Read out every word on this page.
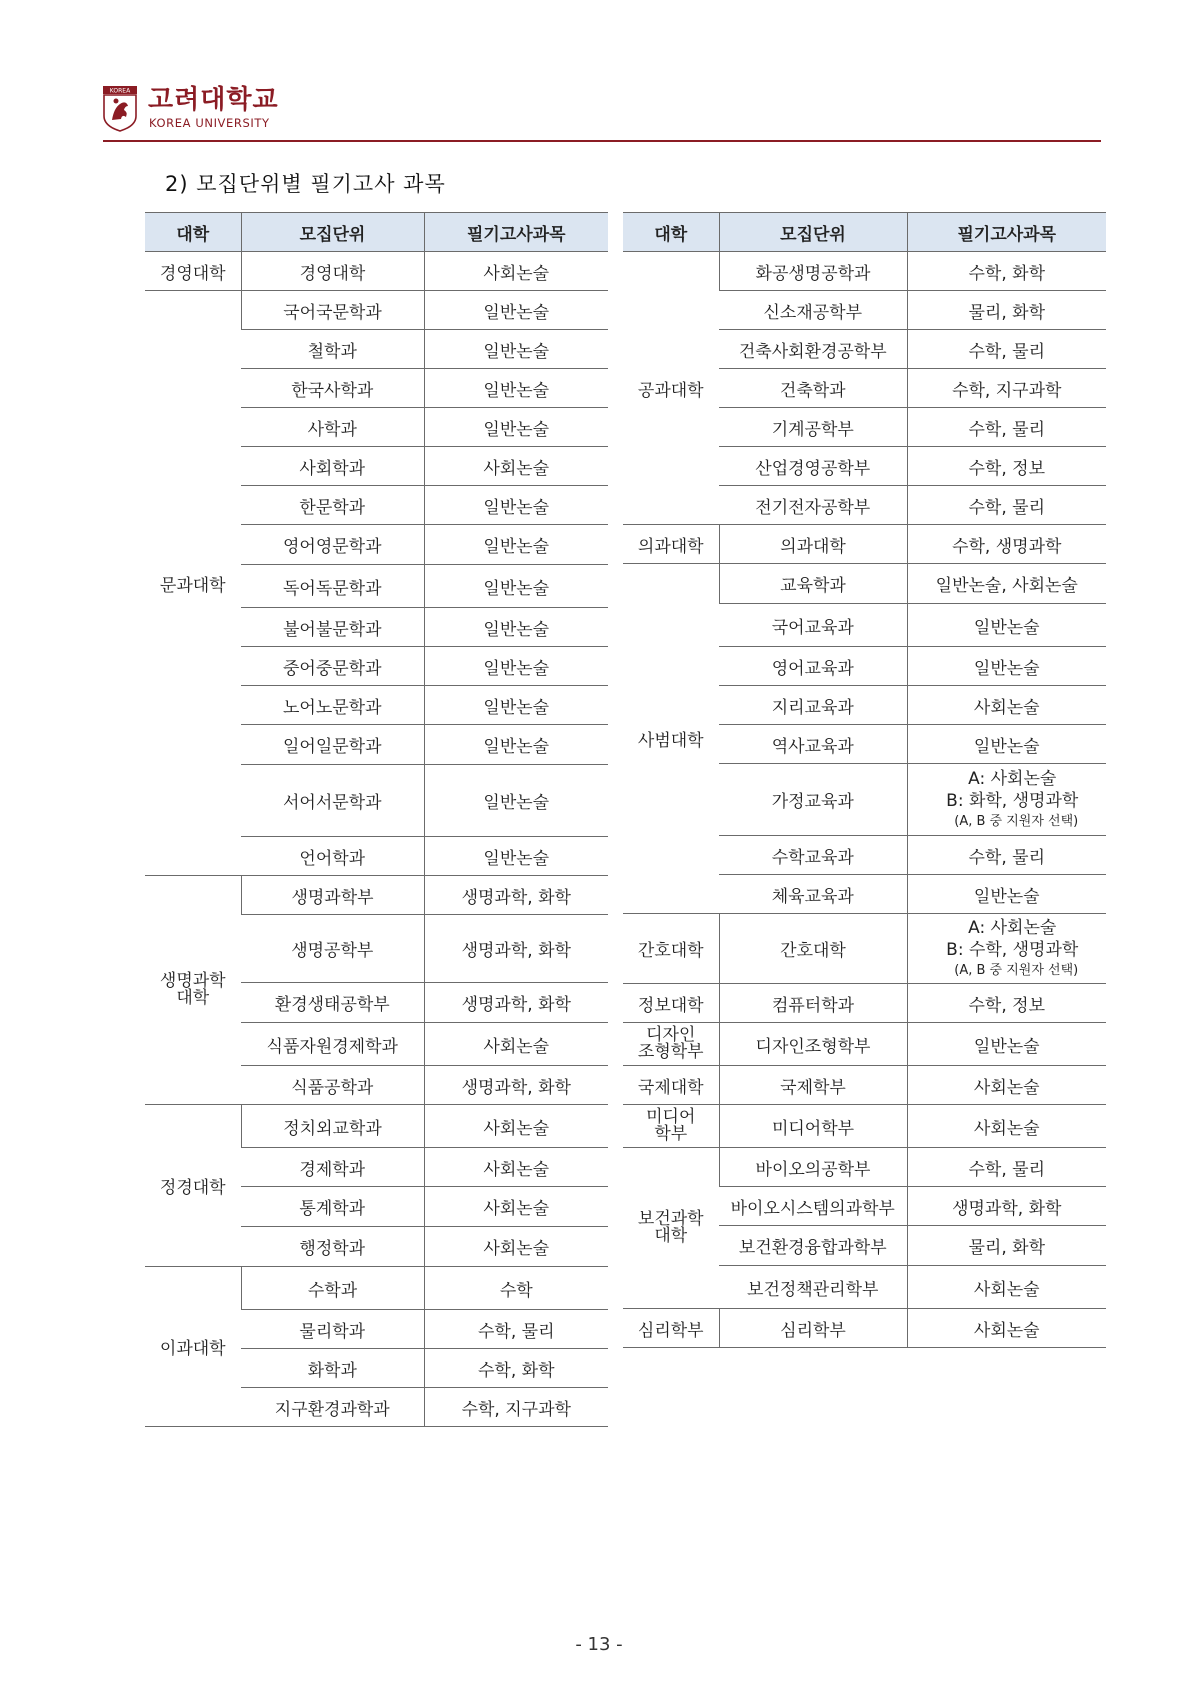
KOREA 고려대학교
KOREA UNIVERSITY
2) 모집단위별 필기고사 과목
대학	모집단위	필기고사과목

경영대학	경영대학	사회논술

문과대학	국어국문학과	일반논술
	철학과	일반논술
	한국사학과	일반논술
	사학과	일반논술
	사회학과	사회논술
	한문학과	일반논술
	영어영문학과	일반논술
	독어독문학과	일반논술
	불어불문학과	일반논술
	중어중문학과	일반논술
	노어노문학과	일반논술
	일어일문학과	일반논술
	서어서문학과	일반논술
	언어학과	일반논술

생명과학
대학	생명과학부	생명과학, 화학
	생명공학부	생명과학, 화학
	환경생태공학부	생명과학, 화학
	식품자원경제학과	사회논술
	식품공학과	생명과학, 화학

정경대학	정치외교학과	사회논술
	경제학과	사회논술
	통계학과	사회논술
	행정학과	사회논술

이과대학	수학과	수학
	물리학과	수학, 물리
	화학과	수학, 화학
	지구환경과학과	수학, 지구과학
대학	모집단위	필기고사과목

공과대학	화공생명공학과	수학, 화학
	신소재공학부	물리, 화학
	건축사회환경공학부	수학, 물리
	건축학과	수학, 지구과학
	기계공학부	수학, 물리
	산업경영공학부	수학, 정보
	전기전자공학부	수학, 물리

의과대학	의과대학	수학, 생명과학

사범대학	교육학과	일반논술, 사회논술
	국어교육과	일반논술
	영어교육과	일반논술
	지리교육과	사회논술
	역사교육과	일반논술
	가정교육과	A: 사회논술
B: 화학, 생명과학
(A, B 중 지원자 선택)

	수학교육과	수학, 물리
	체육교육과	일반논술

간호대학	간호대학	A: 사회논술
B: 수학, 생명과학
(A, B 중 지원자 선택)

정보대학	컴퓨터학과	수학, 정보

디자인
조형학부	디자인조형학부	일반논술

국제대학	국제학부	사회논술

미디어
학부	미디어학부	사회논술

보건과학
대학	바이오의공학부	수학, 물리
	바이오시스템의과학부	생명과학, 화학
	보건환경융합과학부	물리, 화학
	보건정책관리학부	사회논술

심리학부	심리학부	사회논술
- 13 -
